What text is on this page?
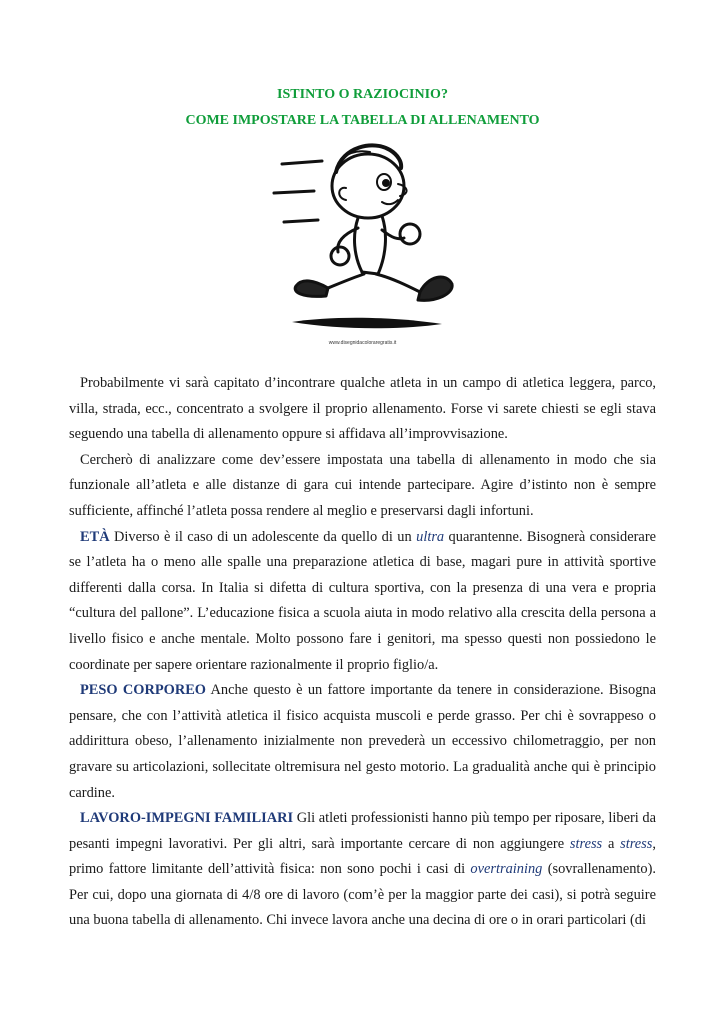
ISTINTO O RAZIOCINIO?
COME IMPOSTARE LA TABELLA DI ALLENAMENTO
www.disegnidacoloraregratis.it

Probabilmente vi sarà capitato d’incontrare qualche atleta in un campo di atletica leggera, parco, villa, strada, ecc., concentrato a svolgere il proprio allenamento. Forse vi sarete chiesti se egli stava seguendo una tabella di allenamento oppure si affidava all’improvvisazione.

Cercherò di analizzare come dev’essere impostata una tabella di allenamento in modo che sia funzionale all’atleta e alle distanze di gara cui intende partecipare. Agire d’istinto non è sempre sufficiente, affinché l’atleta possa rendere al meglio e preservarsi dagli infortuni.

ETÀ Diverso è il caso di un adolescente da quello di un ultra quarantenne. Bisognerà considerare se l’atleta ha o meno alle spalle una preparazione atletica di base, magari pure in attività sportive differenti dalla corsa. In Italia si difetta di cultura sportiva, con la presenza di una vera e propria “cultura del pallone”. L’educazione fisica a scuola aiuta in modo relativo alla crescita della persona a livello fisico e anche mentale. Molto possono fare i genitori, ma spesso questi non possiedono le coordinate per sapere orientare razionalmente il proprio figlio/a.

PESO CORPOREO Anche questo è un fattore importante da tenere in considerazione. Bisogna pensare, che con l’attività atletica il fisico acquista muscoli e perde grasso. Per chi è sovrappeso o addirittura obeso, l’allenamento inizialmente non prevederà un eccessivo chilometraggio, per non gravare su articolazioni, sollecitate oltremisura nel gesto motorio. La gradualità anche qui è principio cardine.

LAVORO-IMPEGNI FAMILIARI Gli atleti professionisti hanno più tempo per riposare, liberi da pesanti impegni lavorativi. Per gli altri, sarà importante cercare di non aggiungere stress a stress, primo fattore limitante dell’attività fisica: non sono pochi i casi di overtraining (sovrallenamento). Per cui, dopo una giornata di 4/8 ore di lavoro (com’è per la maggior parte dei casi), si potrà seguire una buona tabella di allenamento. Chi invece lavora anche una decina di ore o in orari particolari (di
